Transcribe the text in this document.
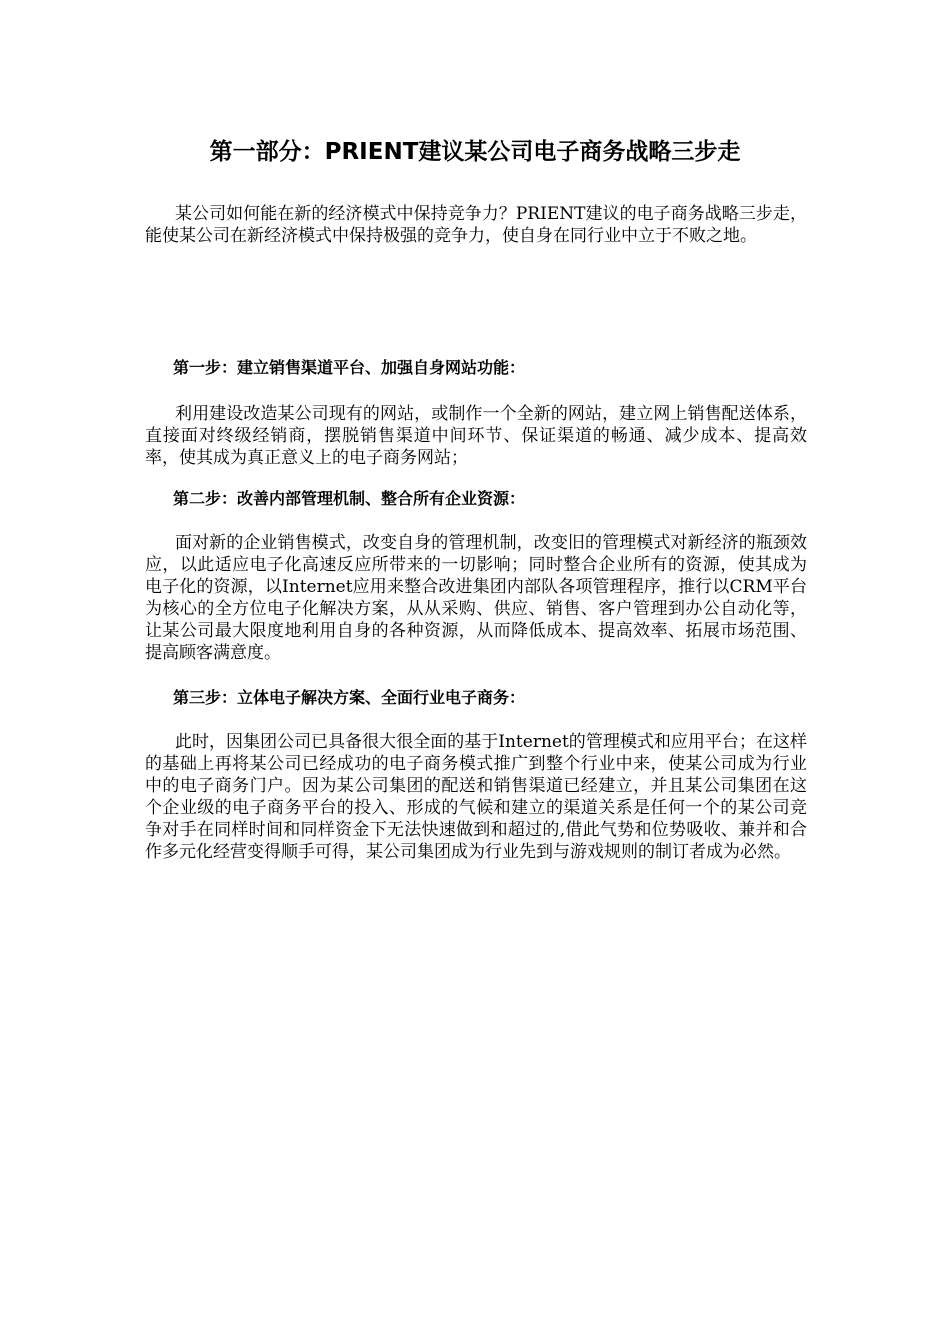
第一部分：PRIENT建议某公司电子商务战略三步走

某公司如何能在新的经济模式中保持竞争力？PRIENT建议的电子商务战略三步走，能使某公司在新经济模式中保持极强的竞争力，使自身在同行业中立于不败之地。

第一步：建立销售渠道平台、加强自身网站功能：

利用建设改造某公司现有的网站，或制作一个全新的网站，建立网上销售配送体系，直接面对终级经销商，摆脱销售渠道中间环节、保证渠道的畅通、减少成本、提高效率，使其成为真正意义上的电子商务网站；

第二步：改善内部管理机制、整合所有企业资源：

面对新的企业销售模式，改变自身的管理机制，改变旧的管理模式对新经济的瓶颈效应，以此适应电子化高速反应所带来的一切影响；同时整合企业所有的资源，使其成为电子化的资源，以Internet应用来整合改进集团内部队各项管理程序，推行以CRM平台为核心的全方位电子化解决方案，从从采购、供应、销售、客户管理到办公自动化等，让某公司最大限度地利用自身的各种资源，从而降低成本、提高效率、拓展市场范围、提高顾客满意度。

第三步：立体电子解决方案、全面行业电子商务：

此时，因集团公司已具备很大很全面的基于Internet的管理模式和应用平台；在这样的基础上再将某公司已经成功的电子商务模式推广到整个行业中来，使某公司成为行业中的电子商务门户。因为某公司集团的配送和销售渠道已经建立，并且某公司集团在这个企业级的电子商务平台的投入、形成的气候和建立的渠道关系是任何一个的某公司竞争对手在同样时间和同样资金下无法快速做到和超过的,借此气势和位势吸收、兼并和合作多元化经营变得顺手可得，某公司集团成为行业先到与游戏规则的制订者成为必然。
